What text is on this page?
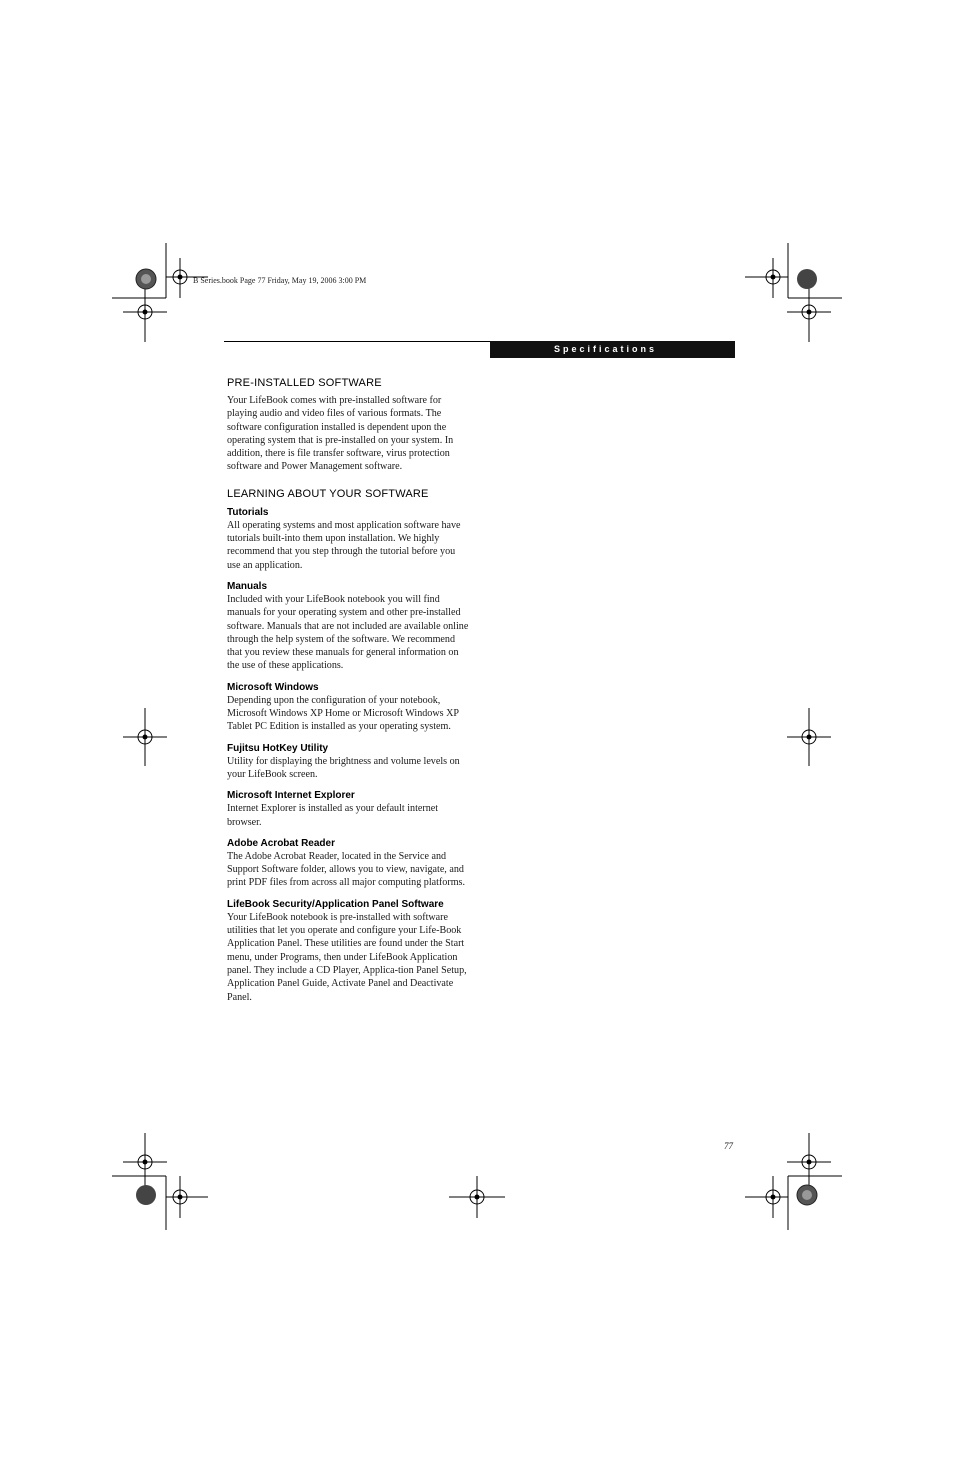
B Series.book Page 77 Friday, May 19, 2006 3:00 PM
Specifications
PRE-INSTALLED SOFTWARE

Your LifeBook comes with pre-installed software for playing audio and video files of various formats. The software configuration installed is dependent upon the operating system that is pre-installed on your system. In addition, there is file transfer software, virus protection software and Power Management software.

LEARNING ABOUT YOUR SOFTWARE
Tutorials

All operating systems and most application software have tutorials built-into them upon installation. We highly recommend that you step through the tutorial before you use an application.

Manuals

Included with your LifeBook notebook you will find manuals for your operating system and other pre-installed software. Manuals that are not included are available online through the help system of the software. We recommend that you review these manuals for general information on the use of these applications.

Microsoft Windows

Depending upon the configuration of your notebook, Microsoft Windows XP Home or Microsoft Windows XP Tablet PC Edition is installed as your operating system.

Fujitsu HotKey Utility

Utility for displaying the brightness and volume levels on your LifeBook screen.

Microsoft Internet Explorer

Internet Explorer is installed as your default internet browser.

Adobe Acrobat Reader

The Adobe Acrobat Reader, located in the Service and Support Software folder, allows you to view, navigate, and print PDF files from across all major computing platforms.

LifeBook Security/Application Panel Software

Your LifeBook notebook is pre-installed with software utilities that let you operate and configure your Life-Book Application Panel. These utilities are found under the Start menu, under Programs, then under LifeBook Application panel. They include a CD Player, Applica-tion Panel Setup, Application Panel Guide, Activate Panel and Deactivate Panel.

77
